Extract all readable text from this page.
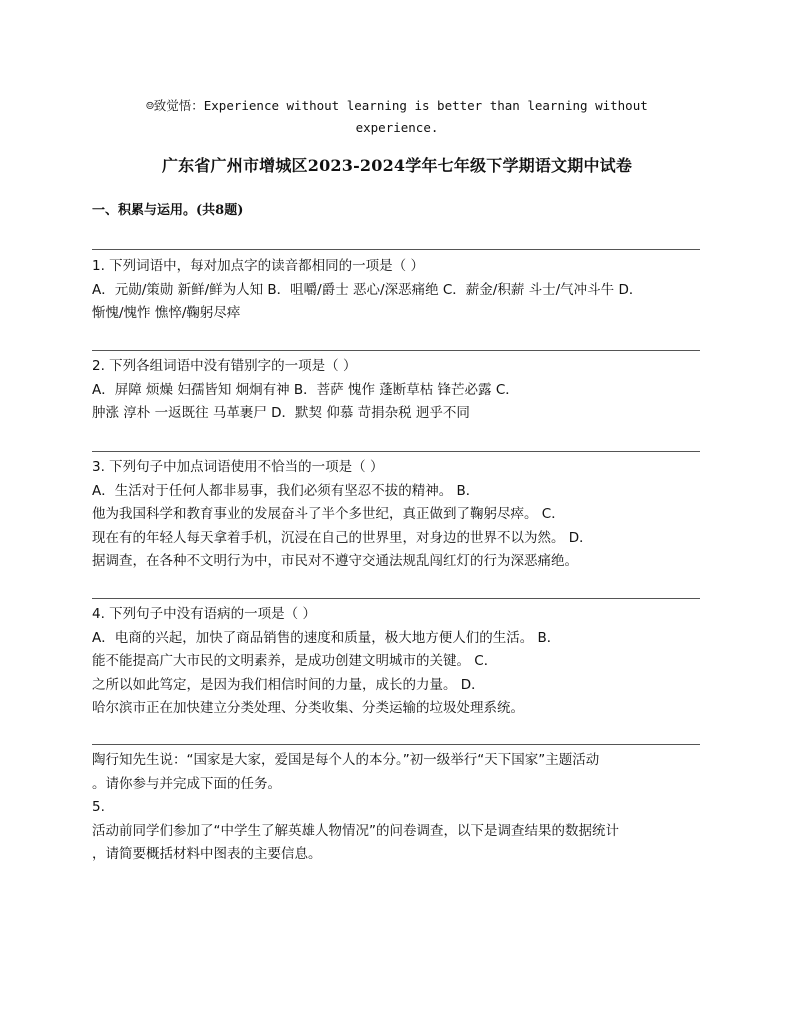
☺致觉悟：Experience without learning is better than learning without experience.
广东省广州市增城区2023-2024学年七年级下学期语文期中试卷
一、积累与运用。(共8题)
1. 下列词语中，每对加点字的读音都相同的一项是（ ）
A．元勋/策勋 新鲜/鲜为人知 B．咀嚼/爵士 恶心/深恶痛绝 C．薪金/积薪 斗士/气冲斗牛 D．
惭愧/愧怍 憔悴/鞠躬尽瘁
2. 下列各组词语中没有错别字的一项是（ ）
A．屏障 烦燥 妇孺皆知 炯炯有神 B．菩萨 愧作 蓬断草枯 锋芒必露 C．
肿涨 淳朴 一返既往 马革裹尸 D．默契 仰慕 苛捐杂税 迥乎不同
3. 下列句子中加点词语使用不恰当的一项是（ ）
A．生活对于任何人都非易事，我们必须有坚忍不拔的精神。 B．
他为我国科学和教育事业的发展奋斗了半个多世纪，真正做到了鞠躬尽瘁。 C．
现在有的年轻人每天拿着手机，沉浸在自己的世界里，对身边的世界不以为然。 D．
据调查，在各种不文明行为中，市民对不遵守交通法规乱闯红灯的行为深恶痛绝。
4. 下列句子中没有语病的一项是（ ）
A．电商的兴起，加快了商品销售的速度和质量，极大地方便人们的生活。 B．
能不能提高广大市民的文明素养，是成功创建文明城市的关键。 C．
之所以如此笃定，是因为我们相信时间的力量，成长的力量。 D．
哈尔滨市正在加快建立分类处理、分类收集、分类运输的垃圾处理系统。
陶行知先生说：“国家是大家，爱国是每个人的本分。”初一级举行“天下国家”主题活动
。请你参与并完成下面的任务。
5.
活动前同学们参加了“中学生了解英雄人物情况”的问卷调查，以下是调查结果的数据统计
，请简要概括材料中图表的主要信息。
